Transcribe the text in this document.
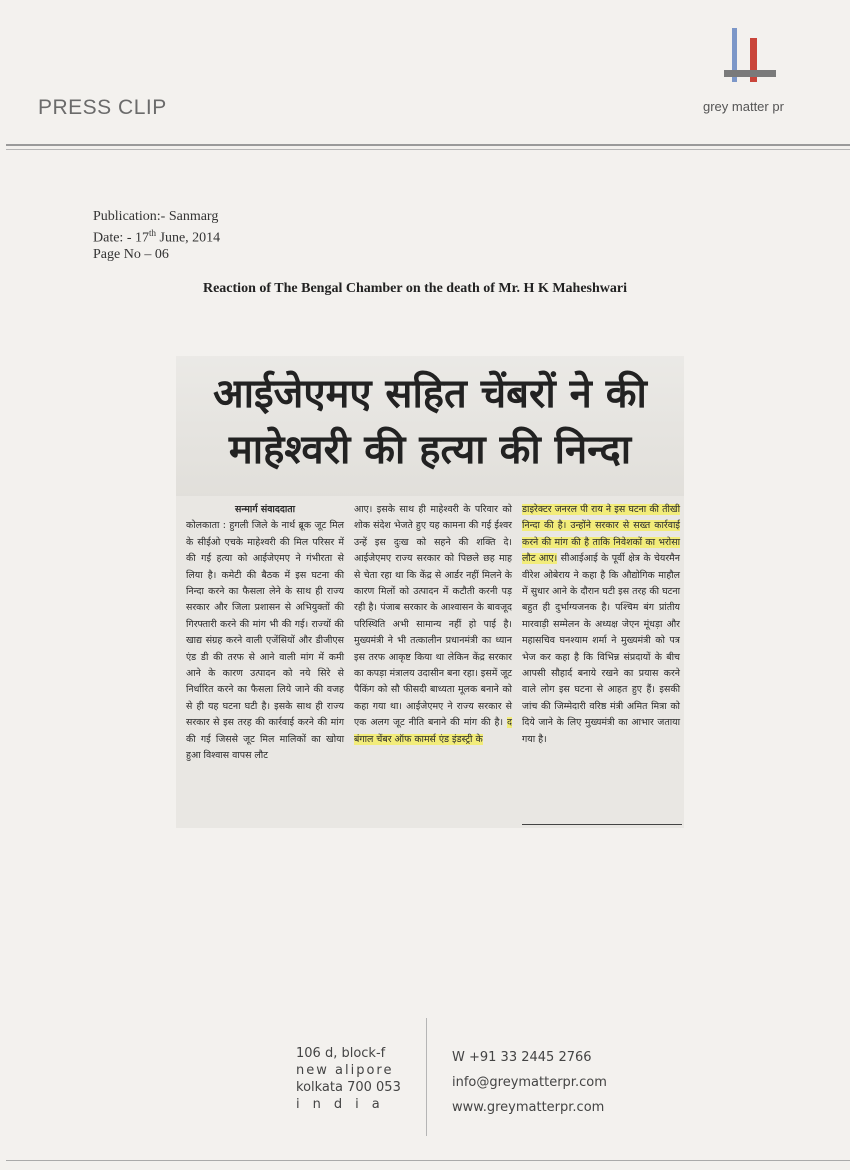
PRESS CLIP	grey matter pr
Publication:- Sanmarg
Date: - 17th June, 2014
Page No – 06
Reaction of The Bengal Chamber on the death of Mr. H K Maheshwari
आईजेएमए सहित चेंबरों ने की
माहेश्वरी की हत्या की निन्दा
सन्मार्ग संवाददाता
कोलकाता : हुगली जिले के नार्थ ब्रूक जूट मिल के सीईओ एचके माहेश्वरी की मिल परिसर में की गई हत्या को आईजेएमए ने गंभीरता से लिया है। कमेटी की बैठक में इस घटना की निन्दा करने का फैसला लेने के साथ ही राज्य सरकार और जिला प्रशासन से अभियुक्तों की गिरफ्तारी करने की मांग भी की गई। राज्यों की खाद्य संग्रह करने वाली एजेंसियों और डीजीएस एंड डी की तरफ से आने वाली मांग में कमी आने के कारण उत्पादन को नये सिरे से निर्धारित करने का फैसला लिये जाने की वजह से ही यह घटना घटी है। इसके साथ ही राज्य सरकार से इस तरह की कार्रवाई करने की मांग की गई जिससे जूट मिल मालिकों का खोया हुआ विश्वास वापस लौट
आए। इसके साथ ही माहेश्वरी के परिवार को शोक संदेश भेजते हुए यह कामना की गई ईश्वर उन्हें इस दुःख को सहने की शक्ति दे। आईजेएमए राज्य सरकार को पिछले छह माह से चेता रहा था कि केंद्र से आर्डर नहीं मिलने के कारण मिलों को उत्पादन में कटौती करनी पड़ रही है। पंजाब सरकार के आश्वासन के बावजूद परिस्थिति अभी सामान्य नहीं हो पाई है। मुख्यमंत्री ने भी तत्कालीन प्रधानमंत्री का ध्यान इस तरफ आकृष्ट किया था लेकिन केंद्र सरकार का कपड़ा मंत्रालय उदासीन बना रहा। इसमें जूट पैकिंग को सौ फीसदी बाध्यता मूलक बनाने को कहा गया था। आईजेएमए ने राज्य सरकार से एक अलग जूट नीति बनाने की मांग की है। द बंगाल चेंबर ऑफ कामर्स एंड इंडस्ट्री के
डाइरेक्टर जनरल पी राय ने इस घटना की तीखी निन्दा की है। उन्होंने सरकार से सख्त कार्रवाई करने की मांग की है ताकि निवेशकों का भरोसा लौट आए। सीआईआई के पूर्वी क्षेत्र के चेयरमैन वीरेश ओबेराय ने कहा है कि औद्योगिक माहौल में सुधार आने के दौरान घटी इस तरह की घटना बहुत ही दुर्भाग्यजनक है। पश्चिम बंग प्रांतीय मारवाड़ी सम्मेलन के अध्यक्ष जेएन मूंधड़ा और महासचिव घनश्याम शर्मा ने मुख्यमंत्री को पत्र भेज कर कहा है कि विभिन्न संप्रदायों के बीच आपसी सौहार्द बनाये रखने का प्रयास करने वाले लोग इस घटना से आहत हुए हैं। इसकी जांच की जिम्मेदारी वरिष्ठ मंत्री अमित मित्रा को दिये जाने के लिए मुख्यमंत्री का आभार जताया गया है।
106 d, block-f
new alipore
kolkata 700 053
india
W +91 33 2445 2766
info@greymatterpr.com
www.greymatterpr.com
